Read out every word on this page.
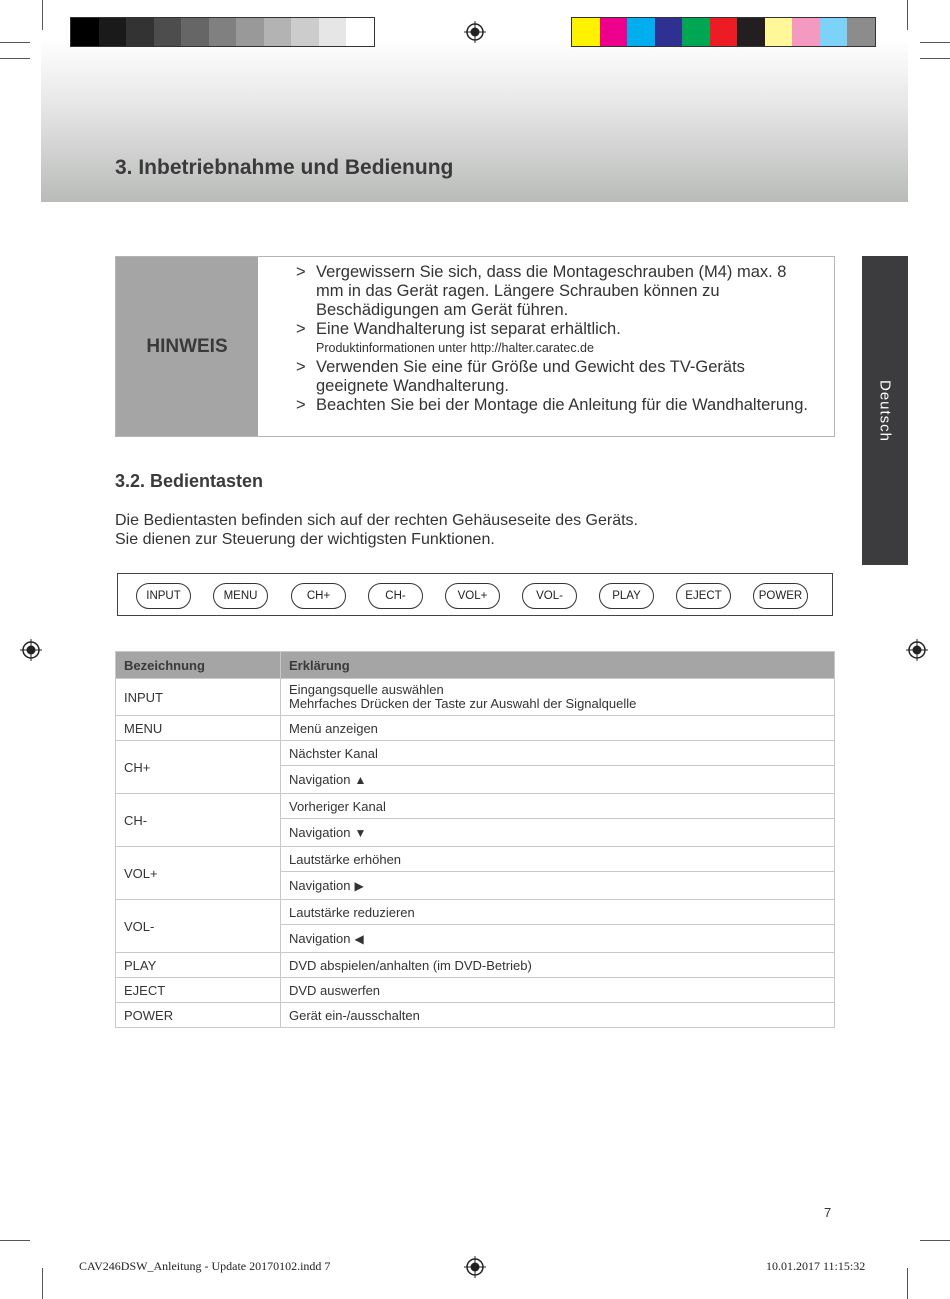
3. Inbetriebnahme und Bedienung
Deutsch
HINWEIS
> Vergewissern Sie sich, dass die Montageschrauben (M4) max. 8 mm in das Gerät ragen. Längere Schrauben können zu Beschädigungen am Gerät führen.
> Eine Wandhalterung ist separat erhältlich.
Produktinformationen unter http://halter.caratec.de
> Verwenden Sie eine für Größe und Gewicht des TV-Geräts geeignete Wandhalterung.
> Beachten Sie bei der Montage die Anleitung für die Wandhalterung.
3.2. Bedientasten
Die Bedientasten befinden sich auf der rechten Gehäuseseite des Geräts.
Sie dienen zur Steuerung der wichtigsten Funktionen.
INPUT	MENU	CH+	CH-	VOL+	VOL-	PLAY	EJECT	POWER
Bezeichnung	Erklärung
INPUT	Eingangsquelle auswählen
Mehrfaches Drücken der Taste zur Auswahl der Signalquelle

MENU	Menü anzeigen
CH+	Nächster Kanal
	Navigation ▲
CH-	Vorheriger Kanal
	Navigation ▼
VOL+	Lautstärke erhöhen
	Navigation ▶
VOL-	Lautstärke reduzieren
	Navigation ◀
PLAY	DVD abspielen/anhalten (im DVD-Betrieb)
EJECT	DVD auswerfen
POWER	Gerät ein-/ausschalten
7
CAV246DSW_Anleitung - Update 20170102.indd 7	10.01.2017 11:15:32
